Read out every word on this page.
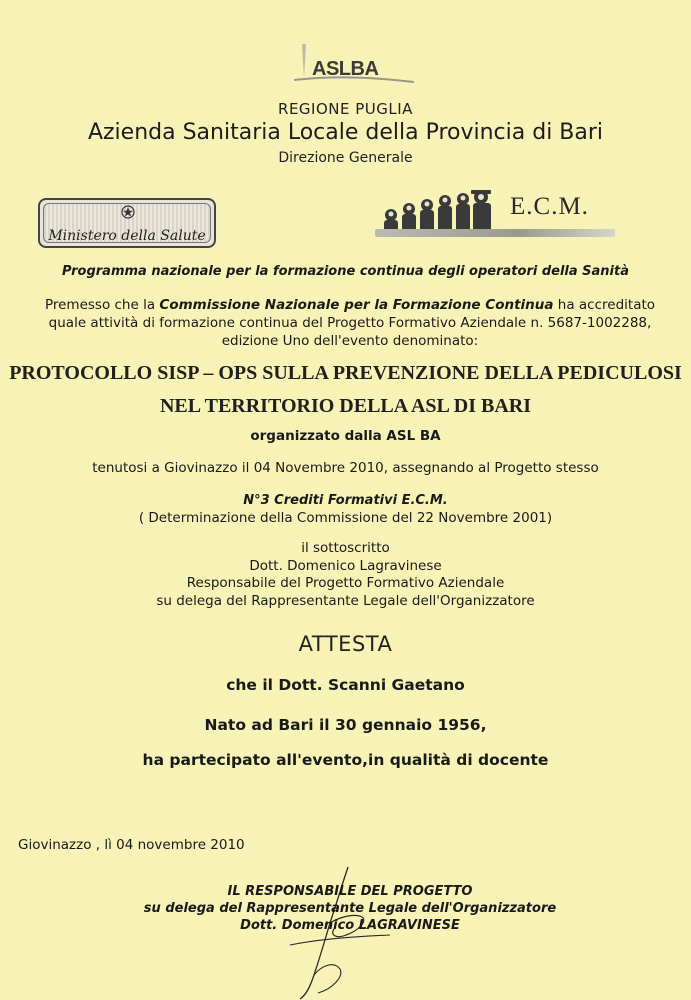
ASLBA
REGIONE PUGLIA
Azienda Sanitaria Locale della Provincia di Bari
Direzione Generale
Ministero della Salute
E.C.M.
Programma nazionale per la formazione continua degli operatori della Sanità
Premesso che la Commissione Nazionale per la Formazione Continua ha accreditato
quale attività di formazione continua del Progetto Formativo Aziendale n. 5687-1002288,
edizione Uno dell'evento denominato:
PROTOCOLLO SISP – OPS SULLA PREVENZIONE DELLA PEDICULOSI
NEL TERRITORIO DELLA ASL DI BARI
organizzato dalla ASL BA
tenutosi a Giovinazzo il 04 Novembre 2010, assegnando al Progetto stesso
N°3 Crediti Formativi E.C.M.
( Determinazione della Commissione del 22 Novembre 2001)
il sottoscritto
Dott. Domenico Lagravinese
Responsabile del Progetto Formativo Aziendale
su delega del Rappresentante Legale dell'Organizzatore
ATTESTA
che il Dott. Scanni Gaetano
Nato ad Bari il 30 gennaio 1956,
ha partecipato all'evento,in qualità di docente
Giovinazzo , lì 04 novembre 2010
IL RESPONSABILE DEL PROGETTO
su delega del Rappresentante Legale dell'Organizzatore
Dott. Domenico LAGRAVINESE
